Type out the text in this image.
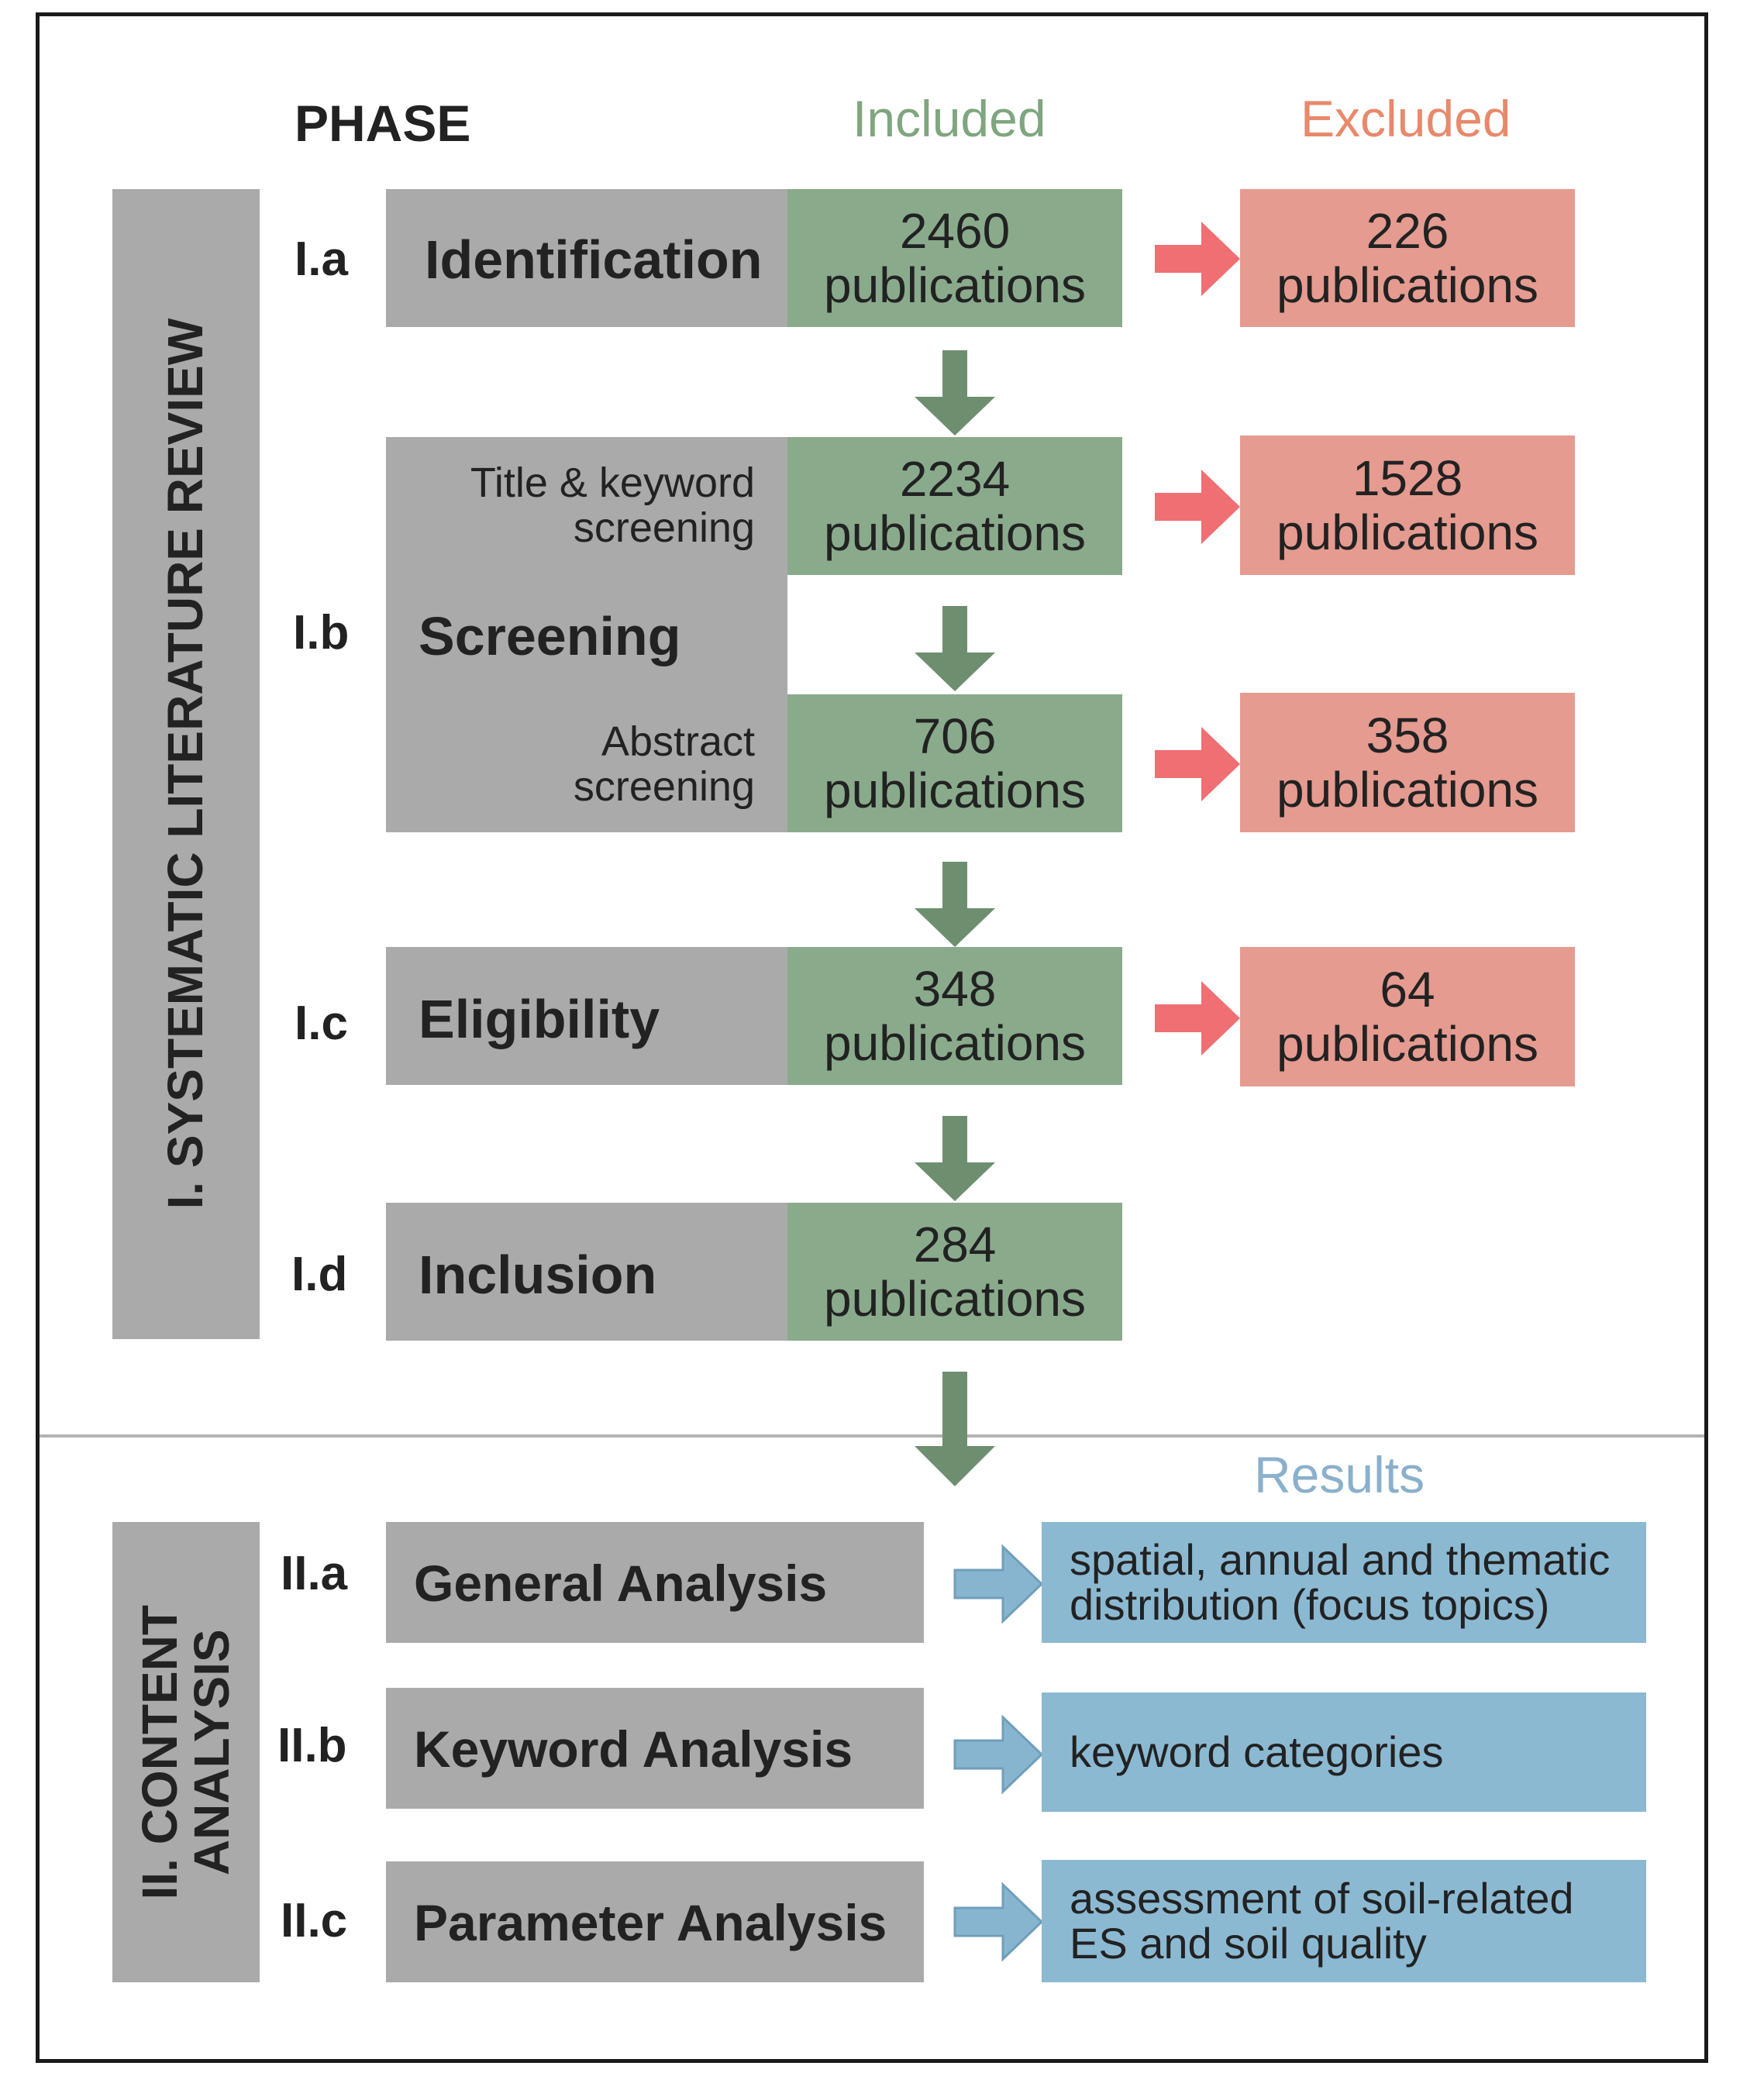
PHASE	Included	Excluded
Results
I. SYSTEMATIC LITERATURE REVIEW
II. CONTENT
ANALYSIS
I.a
I.b
I.c
I.d
Identification
Title & keyword
screening
Screening
Abstract
screening
Eligibility
Inclusion
2460
publications
2234
publications
706
publications
348
publications
284
publications
226
publications
1528
publications
358
publications
64
publications
II.a
II.b
II.c
General Analysis
Keyword Analysis
Parameter Analysis
spatial, annual and thematic
distribution (focus topics)
keyword categories
assessment of soil-related
ES and soil quality
